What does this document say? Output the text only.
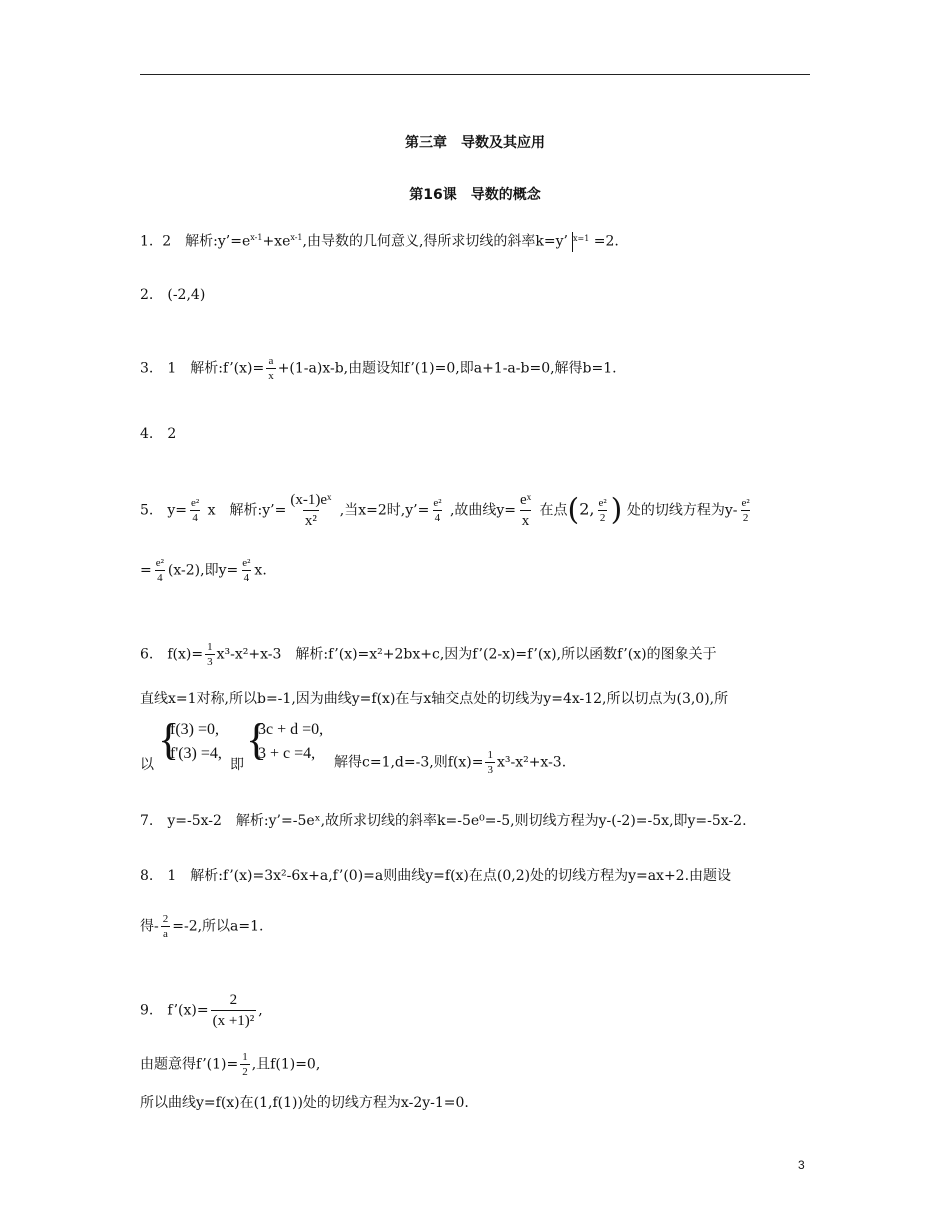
第三章　导数及其应用
第16课　导数的概念
1. 2　解析$:y’=e^{x-1}+xe^{x-1}$,由导数的几何意义,得所求切线的斜率k=y’ $_{x=1}$ =2.
2.　(-2,4)
3.　1　解析:f’(x)= $\frac{a}{x} +(1-a)x-b$,由题设知f’(1)=0,即a+1-a-b=0,解得b=1.
4.　2
5.　$y= \frac{\text{e²}}{4}$ x　解析:y’= $\frac{\text{(x-1)eˣ}}{\text{x²}}$ ,当x=2时,y’= $\frac{\text{e²}}{4}$ ,故曲线$y= \frac{\text{eˣ}}{x}$ 在点(2, $\frac{\text{e²}}{2}$ ) 处的切线方程为$y- \frac{\text{e²}}{2}$
= $\frac{\text{e²}}{4} (x-2)$,即$y= \frac{\text{e²}}{4} x$.
6.　$f(x)= \frac{1}{3} x^3-x^2+x-3$　解析:f’(x)=x²+2bx+c,因为f’(2-x)=f’(x),所以函数f’(x)的图象关于
直线x=1对称,所以b=-1,因为曲线y=f(x)在与x轴交点处的切线为y=4x-12,所以切点为(3,0),所
以
{
f(3) =0,
f'(3) =4,
即
{
3c + d =0,
3 + c =4,
解得c=1,d=-3,则$f(x)= \frac{1}{3} x^3-x^2+x-3$.
7.　y=-5x-2　解析:y’=-5eˣ,故所求切线的斜率k=-5e⁰=-5,则切线方程为y-(-2)=-5x,即y=-5x-2.
8.　1　解析:f’(x)=3x²-6x+a,f’(0)=a则曲线y=f(x)在点(0,2)处的切线方程为y=ax+2.由题设
得- $\frac{2}{a} =-2$,所以a=1.
9.　f’(x)= $\frac{2}{\text{(x +1)²}}$ ,
由题意得f’(1)= $\frac{1}{2}$ ,且f(1)=0,
所以曲线y=f(x)在(1,f(1))处的切线方程为x-2y-1=0.
3
